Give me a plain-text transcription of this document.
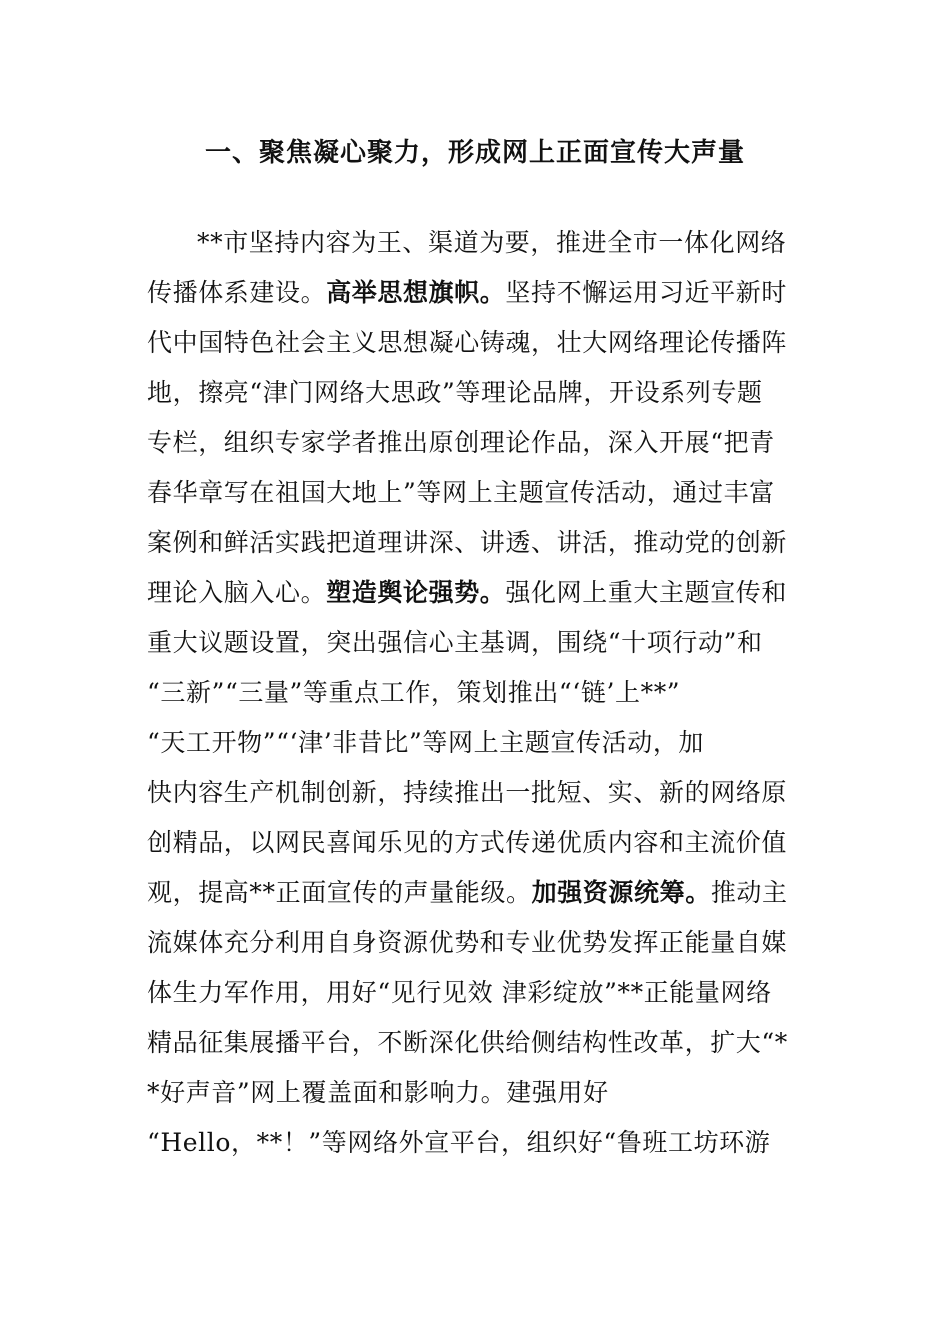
一、聚焦凝心聚力，形成网上正面宣传大声量
**市坚持内容为王、渠道为要，推进全市一体化网络
传播体系建设。高举思想旗帜。坚持不懈运用习近平新时
代中国特色社会主义思想凝心铸魂，壮大网络理论传播阵
地，擦亮“津门网络大思政”等理论品牌，开设系列专题
专栏，组织专家学者推出原创理论作品，深入开展“把青
春华章写在祖国大地上”等网上主题宣传活动，通过丰富
案例和鲜活实践把道理讲深、讲透、讲活，推动党的创新
理论入脑入心。塑造舆论强势。强化网上重大主题宣传和
重大议题设置，突出强信心主基调，围绕“十项行动”和
“三新”“三量”等重点工作，策划推出“‘链’上**”
“天工开物”“‘津’非昔比”等网上主题宣传活动，加
快内容生产机制创新，持续推出一批短、实、新的网络原
创精品，以网民喜闻乐见的方式传递优质内容和主流价值
观，提高**正面宣传的声量能级。加强资源统筹。推动主
流媒体充分利用自身资源优势和专业优势发挥正能量自媒
体生力军作用，用好“见行见效 津彩绽放”**正能量网络
精品征集展播平台，不断深化供给侧结构性改革，扩大“*
*好声音”网上覆盖面和影响力。建强用好
“Hello，**！”等网络外宣平台，组织好“鲁班工坊环游
